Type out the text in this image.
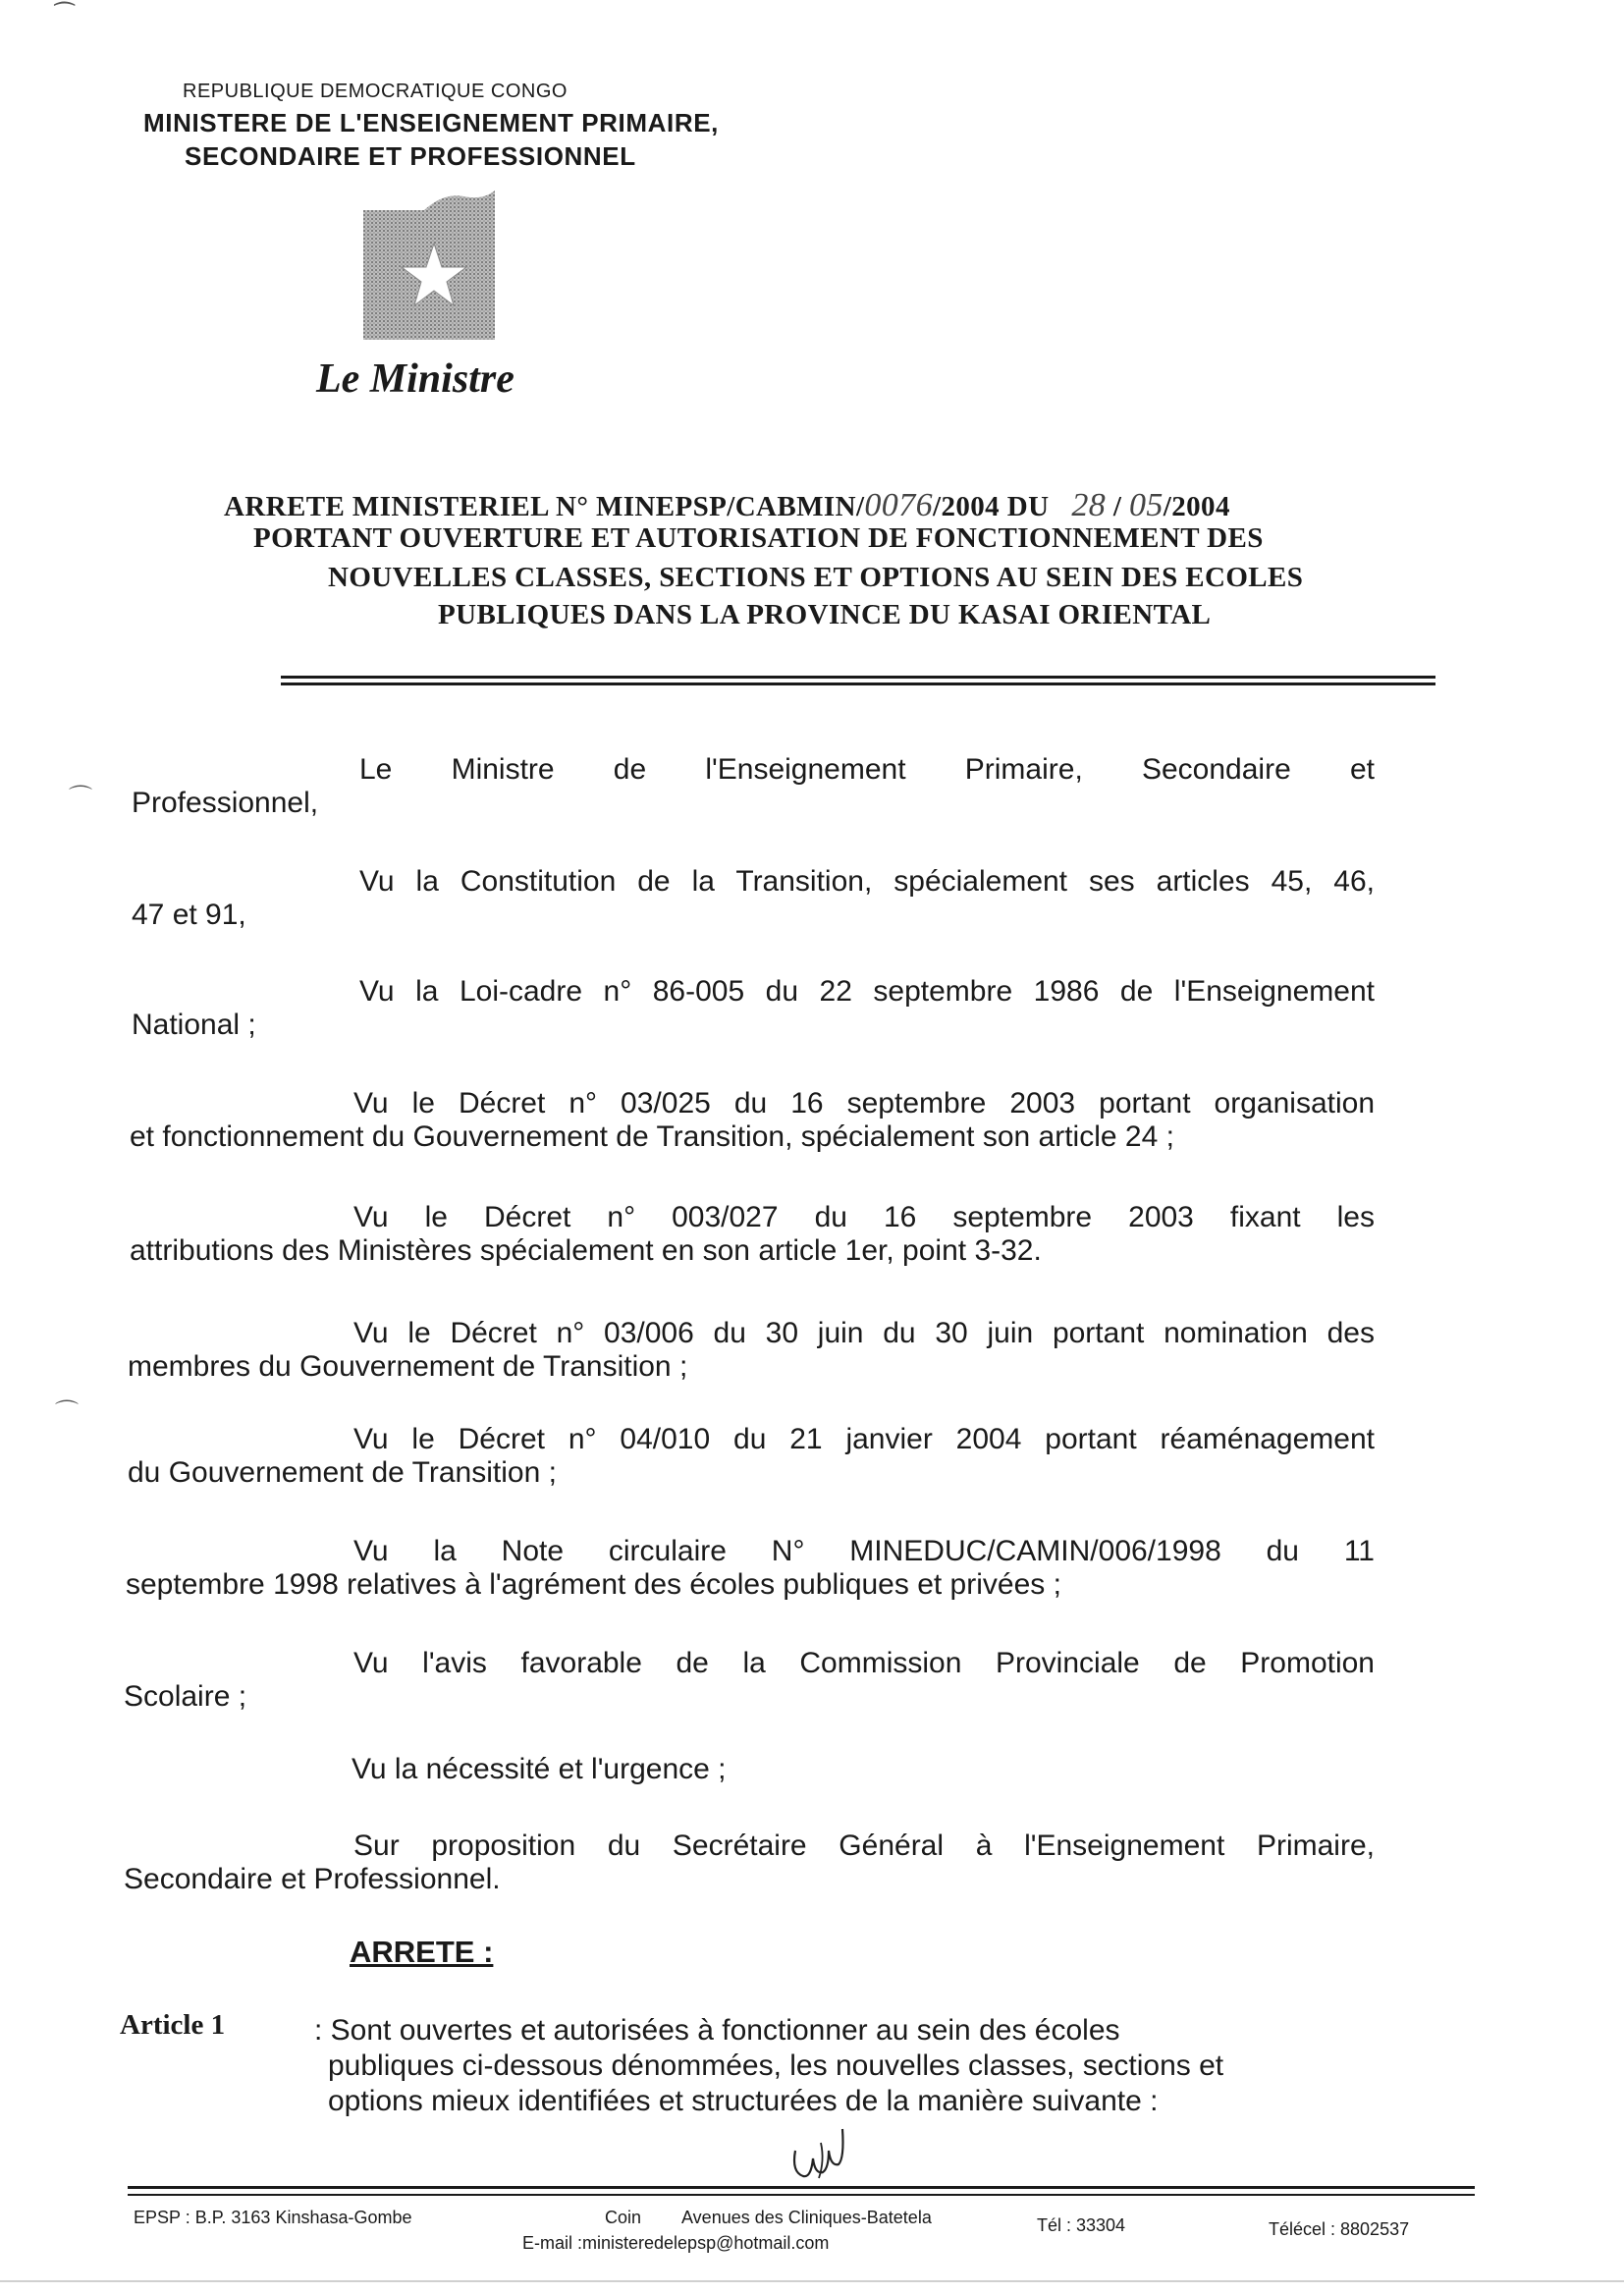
REPUBLIQUE DEMOCRATIQUE CONGO
MINISTERE DE L'ENSEIGNEMENT PRIMAIRE,
SECONDAIRE ET PROFESSIONNEL
Le Ministre
ARRETE MINISTERIEL N° MINEPSP/CABMIN/0076/2004 DU 28 / 05/2004
PORTANT OUVERTURE ET AUTORISATION DE FONCTIONNEMENT DES
NOUVELLES CLASSES, SECTIONS ET OPTIONS AU SEIN DES ECOLES
PUBLIQUES DANS LA PROVINCE DU KASAI ORIENTAL
Le Ministre de l'Enseignement Primaire, Secondaire et
Professionnel,
Vu la Constitution de la Transition, spécialement ses articles 45, 46,
47 et 91,
Vu la Loi-cadre n° 86-005 du 22 septembre 1986 de l'Enseignement
National ;
Vu le Décret n° 03/025 du 16 septembre 2003 portant organisation
et fonctionnement du Gouvernement de Transition, spécialement son article 24 ;
Vu le Décret n° 003/027 du 16 septembre 2003 fixant les
attributions des Ministères spécialement en son article 1er, point 3-32.
Vu le Décret n° 03/006 du 30 juin du 30 juin portant nomination des
membres du Gouvernement de Transition ;
Vu le Décret n° 04/010 du 21 janvier 2004 portant réaménagement
du Gouvernement de Transition ;
Vu la Note circulaire N° MINEDUC/CAMIN/006/1998 du 11
septembre 1998 relatives à l'agrément des écoles publiques et privées ;
Vu l'avis favorable de la Commission Provinciale de Promotion
Scolaire ;
Vu la nécessité et l'urgence ;
Sur proposition du Secrétaire Général à l'Enseignement Primaire,
Secondaire et Professionnel.
ARRETE :
Article 1	: Sont ouvertes et autorisées à fonctionner au sein des écoles
publiques ci-dessous dénommées, les nouvelles classes, sections et
options mieux identifiées et structurées de la manière suivante :
EPSP : B.P. 3163 Kinshasa-Gombe	Coin Avenues des Cliniques-Batetela	Tél : 33304	Télécel : 8802537
E-mail :ministeredelepsp@hotmail.com
⁀
⌒
⌒
